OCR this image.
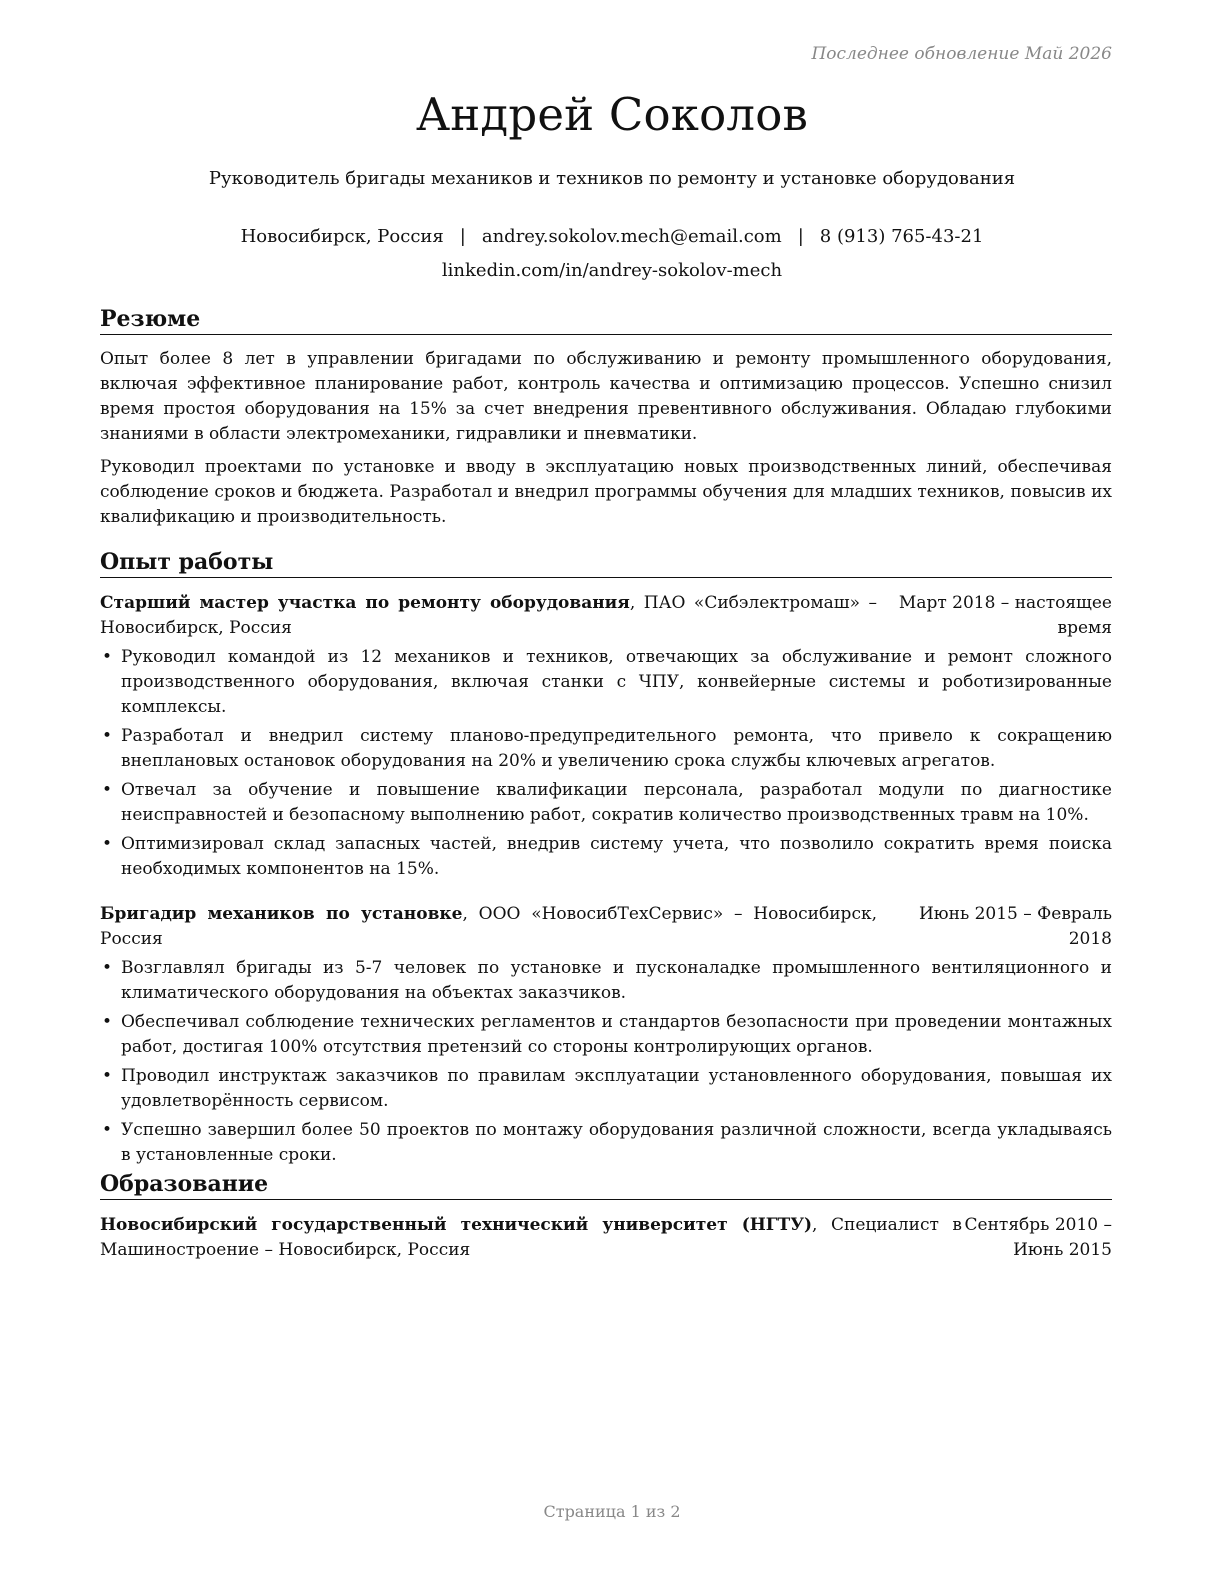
Последнее обновление Май 2026
Андрей Соколов
Руководитель бригады механиков и техников по ремонту и установке оборудования
Новосибирск, Россия | andrey.sokolov.mech@email.com | 8 (913) 765-43-21
linkedin.com/in/andrey-sokolov-mech
Резюме

Опыт более 8 лет в управлении бригадами по обслуживанию и ремонту промышленного оборудования, включая эффективное планирование работ, контроль качества и оптимизацию процессов. Успешно снизил время простоя оборудования на 15% за счет внедрения превентивного обслуживания. Обладаю глубокими знаниями в области электромеханики, гидравлики и пневматики.

Руководил проектами по установке и вводу в эксплуатацию новых производственных линий, обеспечивая соблюдение сроков и бюджета. Разработал и внедрил программы обучения для младших техников, повысив их квалификацию и производительность.

Опыт работы
Старший мастер участка по ремонту оборудования, ПАО «Сибэлектромаш» – Новосибирск, Россия
Март 2018 – настоящее время
• Руководил командой из 12 механиков и техников, отвечающих за обслуживание и ремонт сложного производственного оборудования, включая станки с ЧПУ, конвейерные системы и роботизированные комплексы.
• Разработал и внедрил систему планово-предупредительного ремонта, что привело к сокращению внеплановых остановок оборудования на 20% и увеличению срока службы ключевых агрегатов.
• Отвечал за обучение и повышение квалификации персонала, разработал модули по диагностике неисправностей и безопасному выполнению работ, сократив количество производственных травм на 10%.
• Оптимизировал склад запасных частей, внедрив систему учета, что позволило сократить время поиска необходимых компонентов на 15%.
Бригадир механиков по установке, ООО «НовосибТехСервис» – Новосибирск, Россия
Июнь 2015 – Февраль 2018
• Возглавлял бригады из 5-7 человек по установке и пусконаладке промышленного вентиляционного и климатического оборудования на объектах заказчиков.
• Обеспечивал соблюдение технических регламентов и стандартов безопасности при проведении монтажных работ, достигая 100% отсутствия претензий со стороны контролирующих органов.
• Проводил инструктаж заказчиков по правилам эксплуатации установленного оборудования, повышая их удовлетворённость сервисом.
• Успешно завершил более 50 проектов по монтажу оборудования различной сложности, всегда укладываясь в установленные сроки.
Образование
Новосибирский государственный технический университет (НГТУ), Специалист в Машиностроение – Новосибирск, Россия
Сентябрь 2010 – Июнь 2015
Страница 1 из 2
